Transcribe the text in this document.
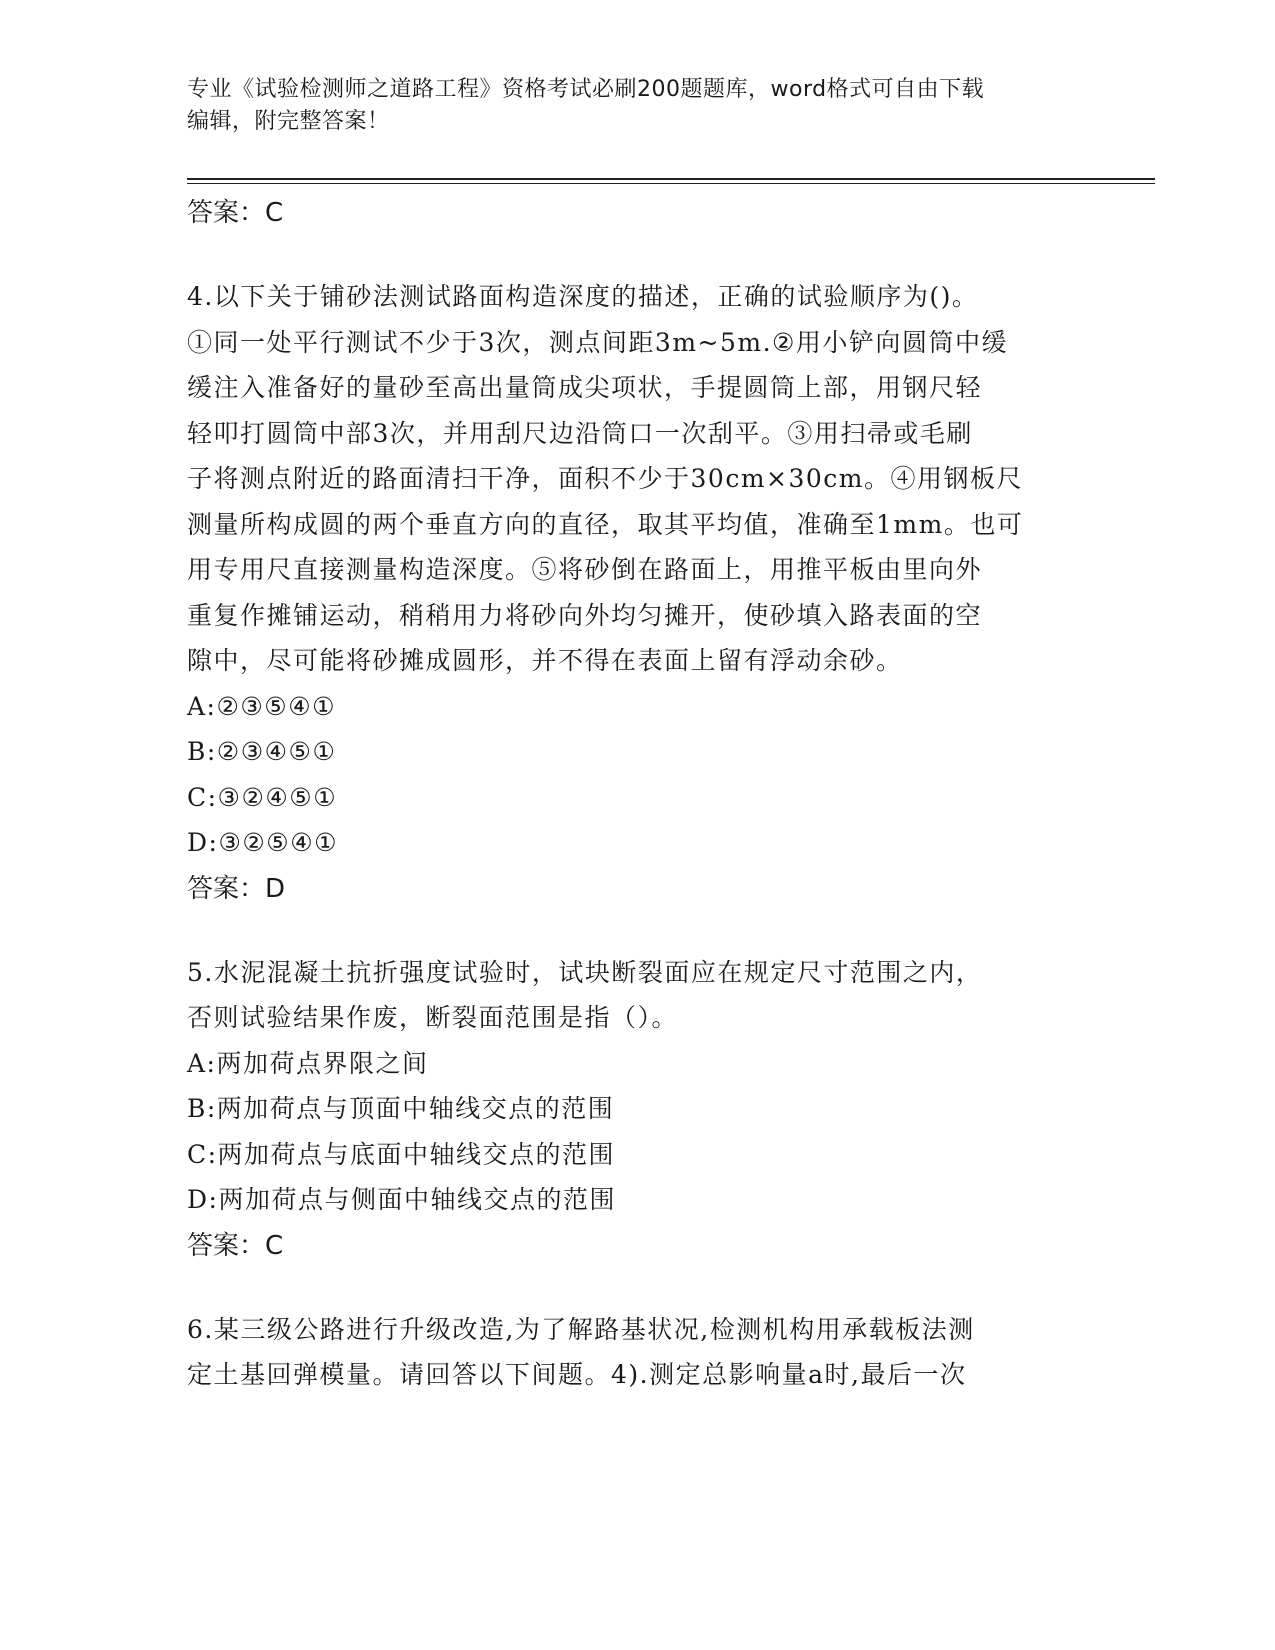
专业《试验检测师之道路工程》资格考试必刷200题题库，word格式可自由下载
编辑，附完整答案！

答案：C

4.以下关于铺砂法测试路面构造深度的描述，正确的试验顺序为()。
①同一处平行测试不少于3次，测点间距3m~5m.②用小铲向圆筒中缓
缓注入准备好的量砂至高出量筒成尖项状，手提圆筒上部，用钢尺轻
轻叩打圆筒中部3次，并用刮尺边沿筒口一次刮平。③用扫帚或毛刷
子将测点附近的路面清扫干净，面积不少于30cm×30cm。④用钢板尺
测量所构成圆的两个垂直方向的直径，取其平均值，准确至1mm。也可
用专用尺直接测量构造深度。⑤将砂倒在路面上，用推平板由里向外
重复作摊铺运动，稍稍用力将砂向外均匀摊开，使砂填入路表面的空
隙中，尽可能将砂摊成圆形，并不得在表面上留有浮动余砂。

A:②③⑤④①

B:②③④⑤①

C:③②④⑤①

D:③②⑤④①

答案：D

5.水泥混凝土抗折强度试验时，试块断裂面应在规定尺寸范围之内，
否则试验结果作废，断裂面范围是指（）。

A:两加荷点界限之间

B:两加荷点与顶面中轴线交点的范围

C:两加荷点与底面中轴线交点的范围

D:两加荷点与侧面中轴线交点的范围

答案：C

6.某三级公路进行升级改造,为了解路基状况,检测机构用承载板法测
定土基回弹模量。请回答以下间题。4).测定总影响量a时,最后一次
